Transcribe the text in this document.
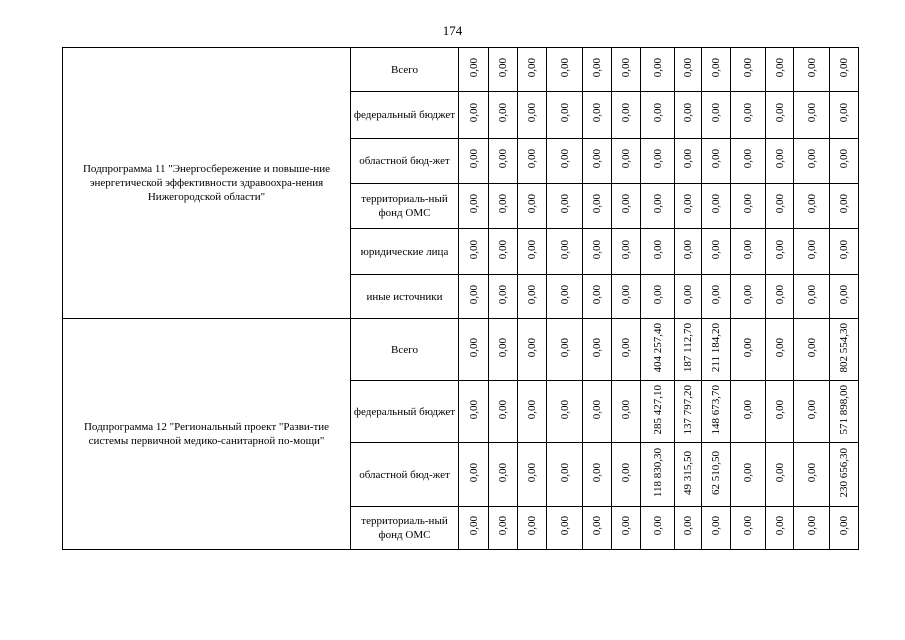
174
Подпрограмма 11 "Энергосбережение и повыше-ние энергетической эффективности здравоохра-нения Нижегородской области"	Всего	0,00	0,00	0,00	0,00	0,00	0,00	0,00	0,00	0,00	0,00	0,00	0,00	0,00
	федеральный бюджет	0,00	0,00	0,00	0,00	0,00	0,00	0,00	0,00	0,00	0,00	0,00	0,00	0,00
	областной бюд-жет	0,00	0,00	0,00	0,00	0,00	0,00	0,00	0,00	0,00	0,00	0,00	0,00	0,00
	территориаль-ный фонд ОМС	0,00	0,00	0,00	0,00	0,00	0,00	0,00	0,00	0,00	0,00	0,00	0,00	0,00
	юридические лица	0,00	0,00	0,00	0,00	0,00	0,00	0,00	0,00	0,00	0,00	0,00	0,00	0,00
	иные источники	0,00	0,00	0,00	0,00	0,00	0,00	0,00	0,00	0,00	0,00	0,00	0,00	0,00
Подпрограмма 12 "Региональный проект "Разви-тие системы первичной медико-санитарной по-мощи"	Всего	0,00	0,00	0,00	0,00	0,00	0,00	404 257,40	187 112,70	211 184,20	0,00	0,00	0,00	802 554,30
	федеральный бюджет	0,00	0,00	0,00	0,00	0,00	0,00	285 427,10	137 797,20	148 673,70	0,00	0,00	0,00	571 898,00
	областной бюд-жет	0,00	0,00	0,00	0,00	0,00	0,00	118 830,30	49 315,50	62 510,50	0,00	0,00	0,00	230 656,30
	территориаль-ный фонд ОМС	0,00	0,00	0,00	0,00	0,00	0,00	0,00	0,00	0,00	0,00	0,00	0,00	0,00
